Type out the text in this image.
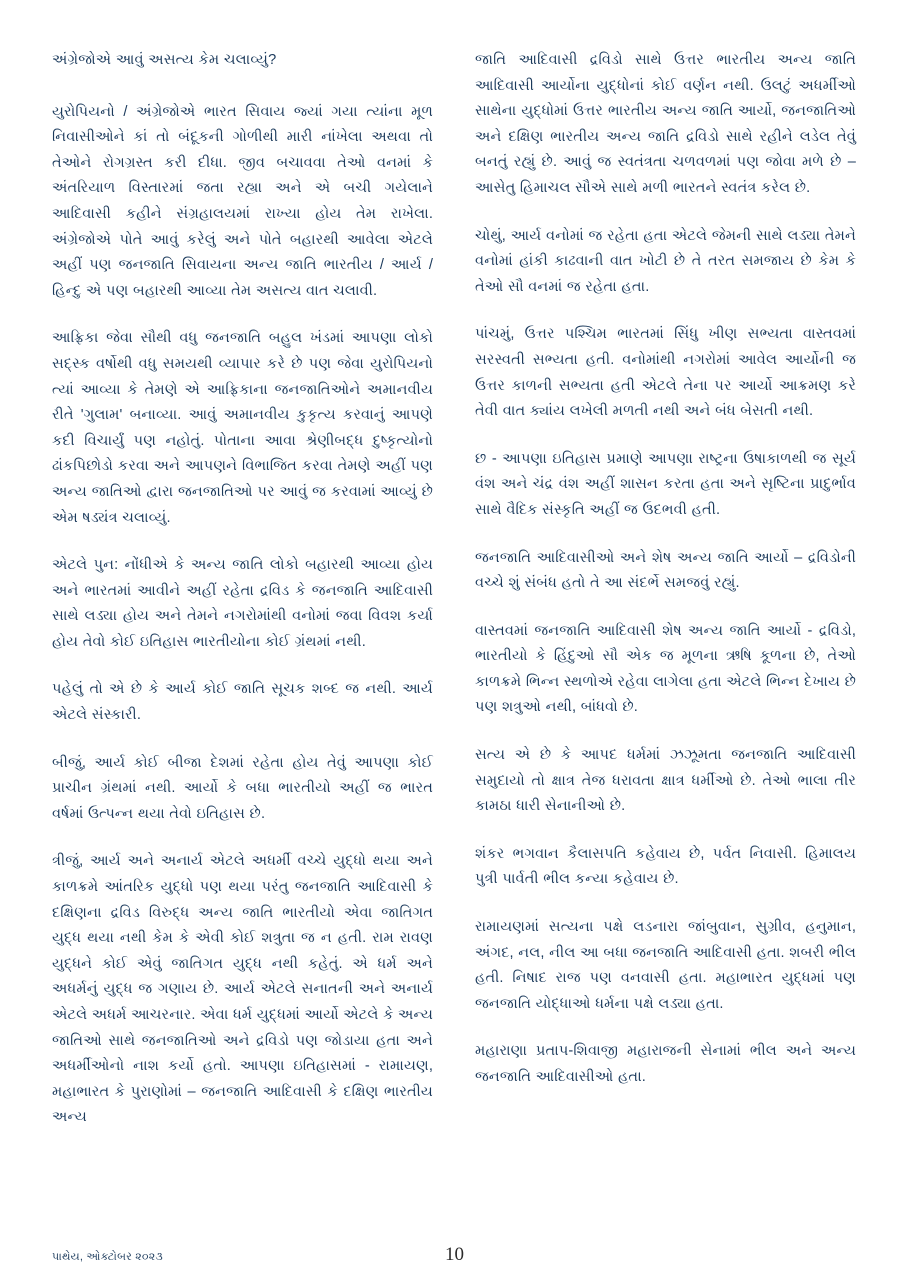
અંગ્રેજોએ આવું અસત્ય કેમ ચલાવ્યું?

યુરોપિયનો / અંગ્રેજોએ ભારત સિવાય જ્યાં ગયા ત્યાંના મૂળ નિવાસીઓને કાં તો બંદૂકની ગોળીથી મારી નાંખેલા અથવા તો તેઓને રોગગ્રસ્ત કરી દીધા. જીવ બચાવવા તેઓ વનમાં કે અંતરિયાળ વિસ્તારમાં જતા રહ્યા અને એ બચી ગયેલાને આદિવાસી કહીને સંગ્રહાલયમાં રાખ્યા હોય તેમ રાખેલા. અંગ્રેજોએ પોતે આવું કરેલું અને પોતે બહારથી આવેલા એટલે અહીં પણ જનજાતિ સિવાયના અન્ય જાતિ ભારતીય / આર્ય / હિન્દુ એ પણ બહારથી આવ્યા તેમ અસત્ય વાત ચલાવી.

આફ્રિકા જેવા સૌથી વધુ જનજાતિ બહુલ ખંડમાં આપણા લોકો સદ્સ્ક વર્ષોથી વધુ સમયથી વ્યાપાર કરે છે પણ જેવા યુરોપિયનો ત્યાં આવ્યા કે તેમણે એ આફ્રિકાના જનજાતિઓને અમાનવીય રીતે 'ગુલામ' બનાવ્યા. આવું અમાનવીય કુકૃત્ય કરવાનું આપણે કદી વિચાર્યું પણ નહોતું. પોતાના આવા શ્રેણીબદ્ધ દુષ્કૃત્યોનો ઢાંકપિછોડો કરવા અને આપણને વિભાજિત કરવા તેમણે અહીં પણ અન્ય જાતિઓ દ્વારા જનજાતિઓ પર આવું જ કરવામાં આવ્યું છે એમ ષડ્યંત્ર ચલાવ્યું.

એટલે પુન: નોંધીએ કે અન્ય જાતિ લોકો બહારથી આવ્યા હોય અને ભારતમાં આવીને અહીં રહેતા દ્રવિડ કે જનજાતિ આદિવાસી સાથે લડ્યા હોય અને તેમને નગરોમાંથી વનોમાં જવા વિવશ કર્યા હોય તેવો કોઈ ઇતિહાસ ભારતીયોના કોઈ ગ્રંથમાં નથી.

પહેલું તો એ છે કે આર્ય કોઈ જાતિ સૂચક શબ્દ જ નથી. આર્ય એટલે સંસ્કારી.

બીજું, આર્ય કોઈ બીજા દેશમાં રહેતા હોય તેવું આપણા કોઈ પ્રાચીન ગ્રંથમાં નથી. આર્યો કે બધા ભારતીયો અહીં જ ભારત વર્ષમાં ઉત્પન્ન થયા તેવો ઇતિહાસ છે.

ત્રીજું, આર્ય અને અનાર્ય એટલે અધર્મી વચ્ચે યુદ્ધો થયા અને કાળક્રમે આંતરિક યુદ્ધો પણ થયા પરંતુ જનજાતિ આદિવાસી કે દક્ષિણના દ્રવિડ વિરુદ્ધ અન્ય જાતિ ભારતીયો એવા જાતિગત યુદ્ધ થયા નથી કેમ કે એવી કોઈ શત્રુતા જ ન હતી. રામ રાવણ યુદ્ધને કોઈ એવું જાતિગત યુદ્ધ નથી કહેતું. એ ધર્મ અને અધર્મનું યુદ્ધ જ ગણાય છે. આર્ય એટલે સનાતની અને અનાર્ય એટલે અધર્મ આચરનાર. એવા ધર્મ યુદ્ધમાં આર્યો એટલે કે અન્ય જાતિઓ સાથે જનજાતિઓ અને દ્રવિડો પણ જોડાયા હતા અને અધર્મીઓનો નાશ કર્યો હતો. આપણા ઇતિહાસમાં - રામાયણ, મહાભારત કે પુરાણોમાં – જનજાતિ આદિવાસી કે દક્ષિણ ભારતીય અન્ય

જાતિ આદિવાસી દ્રવિડો સાથે ઉત્તર ભારતીય અન્ય જાતિ આદિવાસી આર્યોના યુદ્ધોનાં કોઈ વર્ણન નથી. ઉલટું અધર્મીઓ સાથેના યુદ્ધોમાં ઉત્તર ભારતીય અન્ય જાતિ આર્યો, જનજાતિઓ અને દક્ષિણ ભારતીય અન્ય જાતિ દ્રવિડો સાથે રહીને લડેલ તેવું બનતું રહ્યું છે. આવું જ સ્વતંત્રતા ચળવળમાં પણ જોવા મળે છે – આસેતુ હિમાચલ સૌએ સાથે મળી ભારતને સ્વતંત્ર કરેલ છે.

ચોથું, આર્ય વનોમાં જ રહેતા હતા એટલે જેમની સાથે લડ્યા તેમને વનોમાં હાંકી કાઢવાની વાત ખોટી છે તે તરત સમજાય છે કેમ કે તેઓ સૌ વનમાં જ રહેતા હતા.

પાંચમું, ઉત્તર પશ્ચિમ ભારતમાં સિંધુ ખીણ સભ્યતા વાસ્તવમાં સરસ્વતી સભ્યતા હતી. વનોમાંથી નગરોમાં આવેલ આર્યોની જ ઉત્તર કાળની સભ્યતા હતી એટલે તેના પર આર્યો આક્રમણ કરે તેવી વાત ક્યાંય લખેલી મળતી નથી અને બંધ બેસતી નથી.

છ - આપણા ઇતિહાસ પ્રમાણે આપણા રાષ્ટ્રના ઉષાકાળથી જ સૂર્ય વંશ અને ચંદ્ર વંશ અહીં શાસન કરતા હતા અને સૃષ્ટિના પ્રાદુર્ભાવ સાથે વૈદિક સંસ્કૃતિ અહીં જ ઉદભવી હતી.

જનજાતિ આદિવાસીઓ અને શેષ અન્ય જાતિ આર્યો – દ્રવિડોની વચ્ચે શું સંબંધ હતો તે આ સંદર્ભે સમજવું રહ્યું.

વાસ્તવમાં જનજાતિ આદિવાસી શેષ અન્ય જાતિ આર્યો - દ્રવિડો, ભારતીયો કે હિંદુઓ સૌ એક જ મૂળના ઋષિ કૂળના છે, તેઓ કાળક્રમે ભિન્ન સ્થળોએ રહેવા લાગેલા હતા એટલે ભિન્ન દેખાય છે પણ શત્રુઓ નથી, બાંધવો છે.

સત્ય એ છે કે આપદ ધર્મમાં ઝઝૂમતા જનજાતિ આદિવાસી સમુદાયો તો ક્ષાત્ર તેજ ધરાવતા ક્ષાત્ર ધર્મીઓ છે. તેઓ ભાલા તીર કામઠા ધારી સેનાનીઓ છે.

શંકર ભગવાન કૈલાસપતિ કહેવાય છે, પર્વત નિવાસી. હિમાલય પુત્રી પાર્વતી ભીલ કન્યા કહેવાય છે.

રામાયણમાં સત્યના પક્ષે લડનારા જાંબુવાન, સુગ્રીવ, હનુમાન, અંગદ, નલ, નીલ આ બધા જનજાતિ આદિવાસી હતા. શબરી ભીલ હતી. નિષાદ રાજ પણ વનવાસી હતા. મહાભારત યુદ્ધમાં પણ જનજાતિ યોદ્ધાઓ ધર્મના પક્ષે લડ્યા હતા.

મહારાણા પ્રતાપ-શિવાજી મહારાજની સેનામાં ભીલ અને અન્ય જનજાતિ આદિવાસીઓ હતા.

પાથેય, ઓક્ટોબર ૨૦૨૩	10
